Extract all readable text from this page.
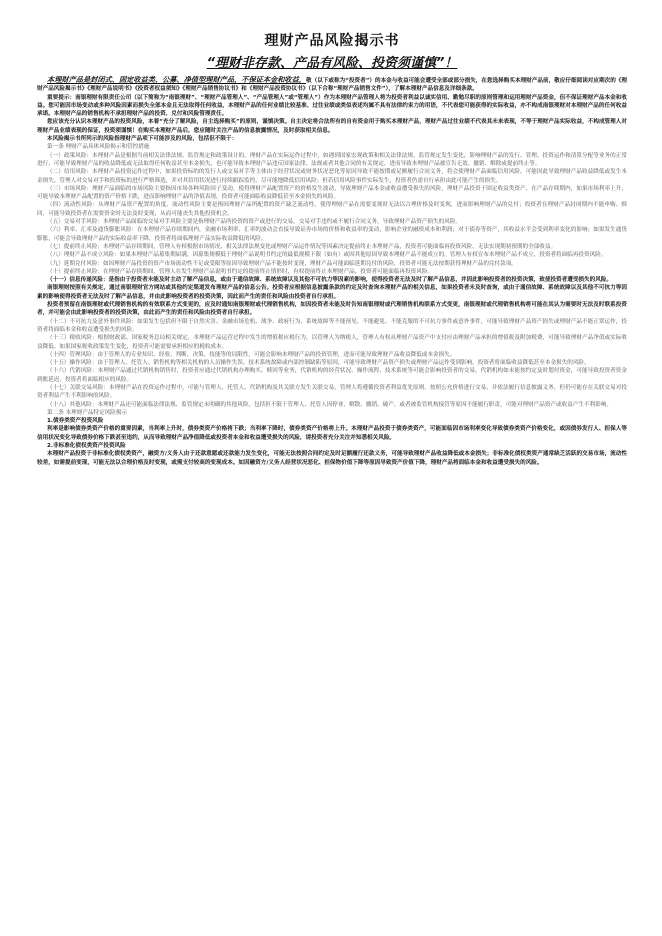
理财产品风险揭示书
“理财非存款、产品有风险、投资须谨慎”！

本理财产品是封闭式、固定收益类、公募、净值型理财产品，不保证本金和收益，敬（以下或称为“投资者”）的本金与收益可能会遭受全部或部分损失，在您选择购买本理财产品前，敬应仔细阅读对应期次的《理财产品风险揭示书》《理财产品说明书》《投资者权益须知》《理财产品销售协议书》和《理财产品投资协议书》（以下合称“理财产品销售文件”），了解本理财产品信息及详细条款。

重要提示：南银理财有限责任公司（以下简称为“南银理财”、“理财产品管理人”、“产品管理人”或“管理人”）作为本理财产品管理人将为投资者利益以诚实信用、勤勉尽职的原则管理和运用理财产品资金，但不保证理财产品本金和收益。您可能因市场变动或多种风险因素而损失全部本金且无法取得任何收益，本理财产品的任何业绩比较基准、过往业绩或类似表述均属不具有法律约束力的用语，不代表您可能获得的实际收益，亦不构成南银理财对本理财产品的任何收益承诺。本理财产品的销售机构不承担理财产品的投资、兑付和风险管理责任。

您应该充分认识本理财产品的投资风险，本着“充分了解风险，自主选择购买”的原则，谨慎决策。自主决定将合法所有的自有资金用于购买本理财产品，理财产品过往业绩不代表其未来表现，不等于理财产品实际收益，不构成管理人对理财产品业绩表现的保证，投资须谨慎！在购买本理财产品后，您应随时关注产品的信息披露情况，及时获取相关信息。

本风险揭示书所列示的风险指理财产品项下可能涉及的风险，包括但不限于：

第一条 理财产品具体风险揭示和管控措施

（一）政策风险：本理财产品是根据当前相关法律法规、监管规定和政策设计的，理财产品在实际运作过程中，如遇到国家宏观政策和相关法律法规、监管规定发生变化，影响理财产品的发行、管理、投资运作和清算分配等业务的正常进行，可能导致理财产品的收益降低或无法取得任何收益甚至本金损失，也可能导致本理财产品违反国家法律、法规或者其他合同的有关规定，进而导致本理财产品被宣告无效、撤销、解除或提前终止等。

（二）信用风险：本理财产品投资运作过程中，如果投资标的的发行人或交易对手等主体由于经营状况或财务状况恶化等原因导致不能按期或足额履行合同义务，将会使理财产品面临信用风险，可能因此导致理财产品收益降低或发生本金损失。管理人对交易对手和投资标的进行严格筛选，并对其信用状况进行持续跟踪监控，尽可能地降低信用风险；但若信用风险事件实际发生，投资者仍需自行承担由此可能产生的损失。

（三）市场风险：理财产品面临的市场风险主要指因市场各种风险因子变动，使得理财产品配置资产的价格发生波动，导致理财产品本金或收益遭受损失的风险。理财产品投资于固定收益类资产，在产品存续期内，如果市场利率上升，可能导致本理财产品配置的资产价格下跌，进而影响理财产品的净值表现，投资者可能面临收益降低甚至本金损失的风险。

（四）流动性风险：从理财产品资产配置的角度，流动性风险主要是指因理财产品所配置的资产缺乏流动性，使得理财产品在需要变现时无法以合理价格及时变现，进而影响理财产品的兑付；投资者在理财产品封闭期内不能申购、赎回，可能导致投资者在需要资金时无法及时变现，从而可能丧失其他投资机会。

（五）交易对手风险：本理财产品面临的交易对手风险主要是指理财产品所投资的资产或进行的交易，交易对手违约或不履行合同义务，导致理财产品资产损失的风险。

（六）利率、汇率及通货膨胀风险：在本理财产品存续期间内，金融市场利率、汇率的波动会直接导致证券市场的价格和收益率的变动，影响企业的融资成本和利润；对于债券等资产，其收益水平会受到利率变化的影响；如果发生通货膨胀，可能会导致理财产品的实际收益率下降，投资者将面临理财产品实际收益降低的风险。

（七）提前终止风险：本理财产品存续期间，管理人有权根据市场情况、相关法律法规变化或理财产品运作情况等因素决定提前终止本理财产品，投资者可能面临再投资风险，无法实现期初预期的全部收益。

（八）理财产品不成立风险：如果本理财产品募集期届满，因募集规模低于理财产品说明书约定的最低规模下限（如有）或因其他原因导致本理财产品不能成立的，管理人有权宣布本理财产品不成立，投资者将面临再投资风险。

（九）延期兑付风险：如因理财产品投资的资产市场流动性不足或受限等原因导致理财产品不能按时变现，理财产品可能面临延期兑付的风险，投资者可能无法按期获得理财产品的兑付款项。

（十）提前终止风险：在理财产品存续期间，管理人在发生理财产品说明书约定的提前终止情形时，有权提前终止本理财产品，投资者可能面临再投资风险。

（十一）信息传递风险：是指由于投资者未能及时主动了解产品信息，或由于通信故障、系统故障以及其他不可抗力等因素的影响，使得投资者无法及时了解产品信息，并因此影响投资者的投资决策，致使投资者遭受损失的风险。

南银理财按照有关规定，通过南银理财官方网站或其他约定渠道发布理财产品的信息公告。投资者应根据信息披露条款的约定及时查询本理财产品的相关信息，如果投资者未及时查询，或由于通信故障、系统故障以及其他不可抗力等因素的影响使得投资者无法及时了解产品信息，并由此影响投资者的投资决策，因此而产生的责任和风险由投资者自行承担。

投资者预留在南银理财或代理销售机构的有效联系方式变更的，应及时通知南银理财或代理销售机构，如因投资者未能及时告知南银理财或代理销售机构联系方式变更，南银理财或代理销售机构将可能在其认为需要时无法及时联系投资者，并可能会由此影响投资者的投资决策，由此而产生的责任和风险由投资者自行承担。

（十二）不可抗力及意外事件风险：如果发生包括但不限于自然灾害、金融市场危机、战争、政府行为、系统故障等不能预见、不能避免、不能克服的不可抗力事件或意外事件，可能导致理财产品资产损失或理财产品不能正常运作，投资者将面临本金和收益遭受损失的风险。

（十三）税收风险：根据财政部、国家税务总局相关规定，本理财产品运营过程中发生的增值税应税行为，以管理人为纳税人，管理人有权从理财产品资产中支付应由理财产品承担的增值税及附加税费，可能导致理财产品净值或实际收益降低。如果国家税收政策发生变化，投资者可能需要承担相应的税收成本。

（十四）管理风险：由于管理人的专业知识、经验、判断、决策、技能等的局限性，可能会影响本理财产品的投资管理，进而可能导致理财产品收益降低或本金损失。

（十五）操作风险：由于管理人、托管人、销售机构等相关机构的人员操作失误、技术系统故障或内部控制缺陷等原因，可能导致理财产品资产损失或理财产品运作受到影响，投资者将面临收益降低甚至本金损失的风险。

（十六）代销风险：本理财产品通过代销机构销售时，投资者应通过代销机构办理购买、赎回等业务，代销机构的经营状况、操作流程、技术系统等可能会影响投资者的交易，代销机构如未能按约定及时划付资金，可能导致投资者资金到账延迟，投资者将面临相应的风险。

（十七）关联交易风险：本理财产品在投资运作过程中，可能与管理人、托管人、代销机构及其关联方发生关联交易，管理人将遵循投资者利益优先原则，按照公允价格进行交易，并依法履行信息披露义务，但仍可能存在关联交易对投资者利益产生不利影响的风险。

（十八）其他风险：本理财产品还可能面临法律法规、监管规定未明确的其他风险，包括但不限于管理人、托管人因停业、解散、撤销、破产，或者被监管机构接管等原因不能履行职责，可能对理财产品资产或收益产生不利影响。

第二条 本理财产品特定风险揭示

1.债券类资产投资风险

利率是影响债券类资产价格的重要因素，当利率上升时，债券类资产价格将下跌；当利率下降时，债券类资产价格将上升。本理财产品投资于债券类资产，可能面临因市场利率变化导致债券类资产价格变化，或因债券发行人、担保人等信用状况变化导致债券价格下跌甚至违约，从而导致理财产品净值降低或投资者本金和收益遭受损失的风险，请投资者充分关注并知悉相关风险。

2.非标准化债权类资产投资风险

本理财产品投资于非标准化债权类资产，融资方/义务人由于还款意愿或还款能力发生变化，可能无法按照合同约定及时足额履行还款义务，可能导致理财产品收益降低或本金损失；非标准化债权类资产通常缺乏活跃的交易市场，流动性较差，如需提前变现，可能无法以合理价格及时变现，或需支付较高的变现成本。如因融资方/义务人经营状况恶化、担保物价值下降等原因导致资产价值下降，理财产品将面临本金和收益遭受损失的风险。
